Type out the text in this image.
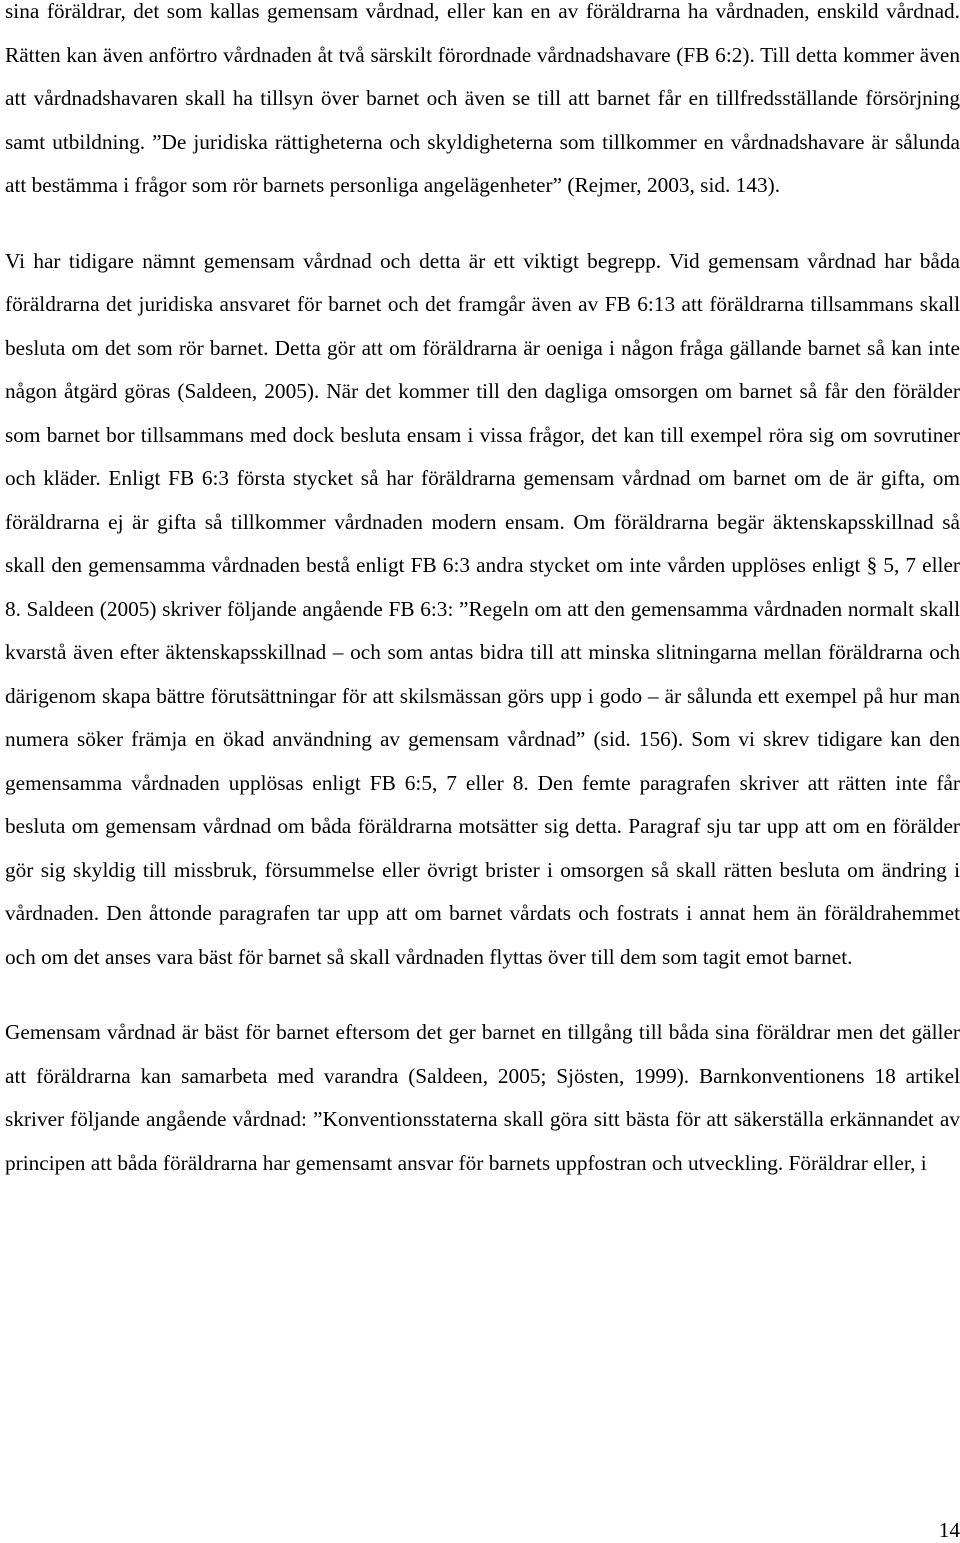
sina föräldrar, det som kallas gemensam vårdnad, eller kan en av föräldrarna ha vårdnaden, enskild vårdnad. Rätten kan även anförtro vårdnaden åt två särskilt förordnade vårdnadshavare (FB 6:2). Till detta kommer även att vårdnadshavaren skall ha tillsyn över barnet och även se till att barnet får en tillfredsställande försörjning samt utbildning. ”De juridiska rättigheterna och skyldigheterna som tillkommer en vårdnadshavare är sålunda att bestämma i frågor som rör barnets personliga angelägenheter” (Rejmer, 2003, sid. 143).

Vi har tidigare nämnt gemensam vårdnad och detta är ett viktigt begrepp. Vid gemensam vårdnad har båda föräldrarna det juridiska ansvaret för barnet och det framgår även av FB 6:13 att föräldrarna tillsammans skall besluta om det som rör barnet. Detta gör att om föräldrarna är oeniga i någon fråga gällande barnet så kan inte någon åtgärd göras (Saldeen, 2005). När det kommer till den dagliga omsorgen om barnet så får den förälder som barnet bor tillsammans med dock besluta ensam i vissa frågor, det kan till exempel röra sig om sovrutiner och kläder. Enligt FB 6:3 första stycket så har föräldrarna gemensam vårdnad om barnet om de är gifta, om föräldrarna ej är gifta så tillkommer vårdnaden modern ensam. Om föräldrarna begär äktenskapsskillnad så skall den gemensamma vårdnaden bestå enligt FB 6:3 andra stycket om inte vården upplöses enligt § 5, 7 eller 8. Saldeen (2005) skriver följande angående FB 6:3: ”Regeln om att den gemensamma vårdnaden normalt skall kvarstå även efter äktenskapsskillnad – och som antas bidra till att minska slitningarna mellan föräldrarna och därigenom skapa bättre förutsättningar för att skilsmässan görs upp i godo – är sålunda ett exempel på hur man numera söker främja en ökad användning av gemensam vårdnad” (sid. 156). Som vi skrev tidigare kan den gemensamma vårdnaden upplösas enligt FB 6:5, 7 eller 8. Den femte paragrafen skriver att rätten inte får besluta om gemensam vårdnad om båda föräldrarna motsätter sig detta. Paragraf sju tar upp att om en förälder gör sig skyldig till missbruk, försummelse eller övrigt brister i omsorgen så skall rätten besluta om ändring i vårdnaden. Den åttonde paragrafen tar upp att om barnet vårdats och fostrats i annat hem än föräldrahemmet och om det anses vara bäst för barnet så skall vårdnaden flyttas över till dem som tagit emot barnet.

Gemensam vårdnad är bäst för barnet eftersom det ger barnet en tillgång till båda sina föräldrar men det gäller att föräldrarna kan samarbeta med varandra (Saldeen, 2005; Sjösten, 1999). Barnkonventionens 18 artikel skriver följande angående vårdnad: ”Konventionsstaterna skall göra sitt bästa för att säkerställa erkännandet av principen att båda föräldrarna har gemensamt ansvar för barnets uppfostran och utveckling. Föräldrar eller, i

14
